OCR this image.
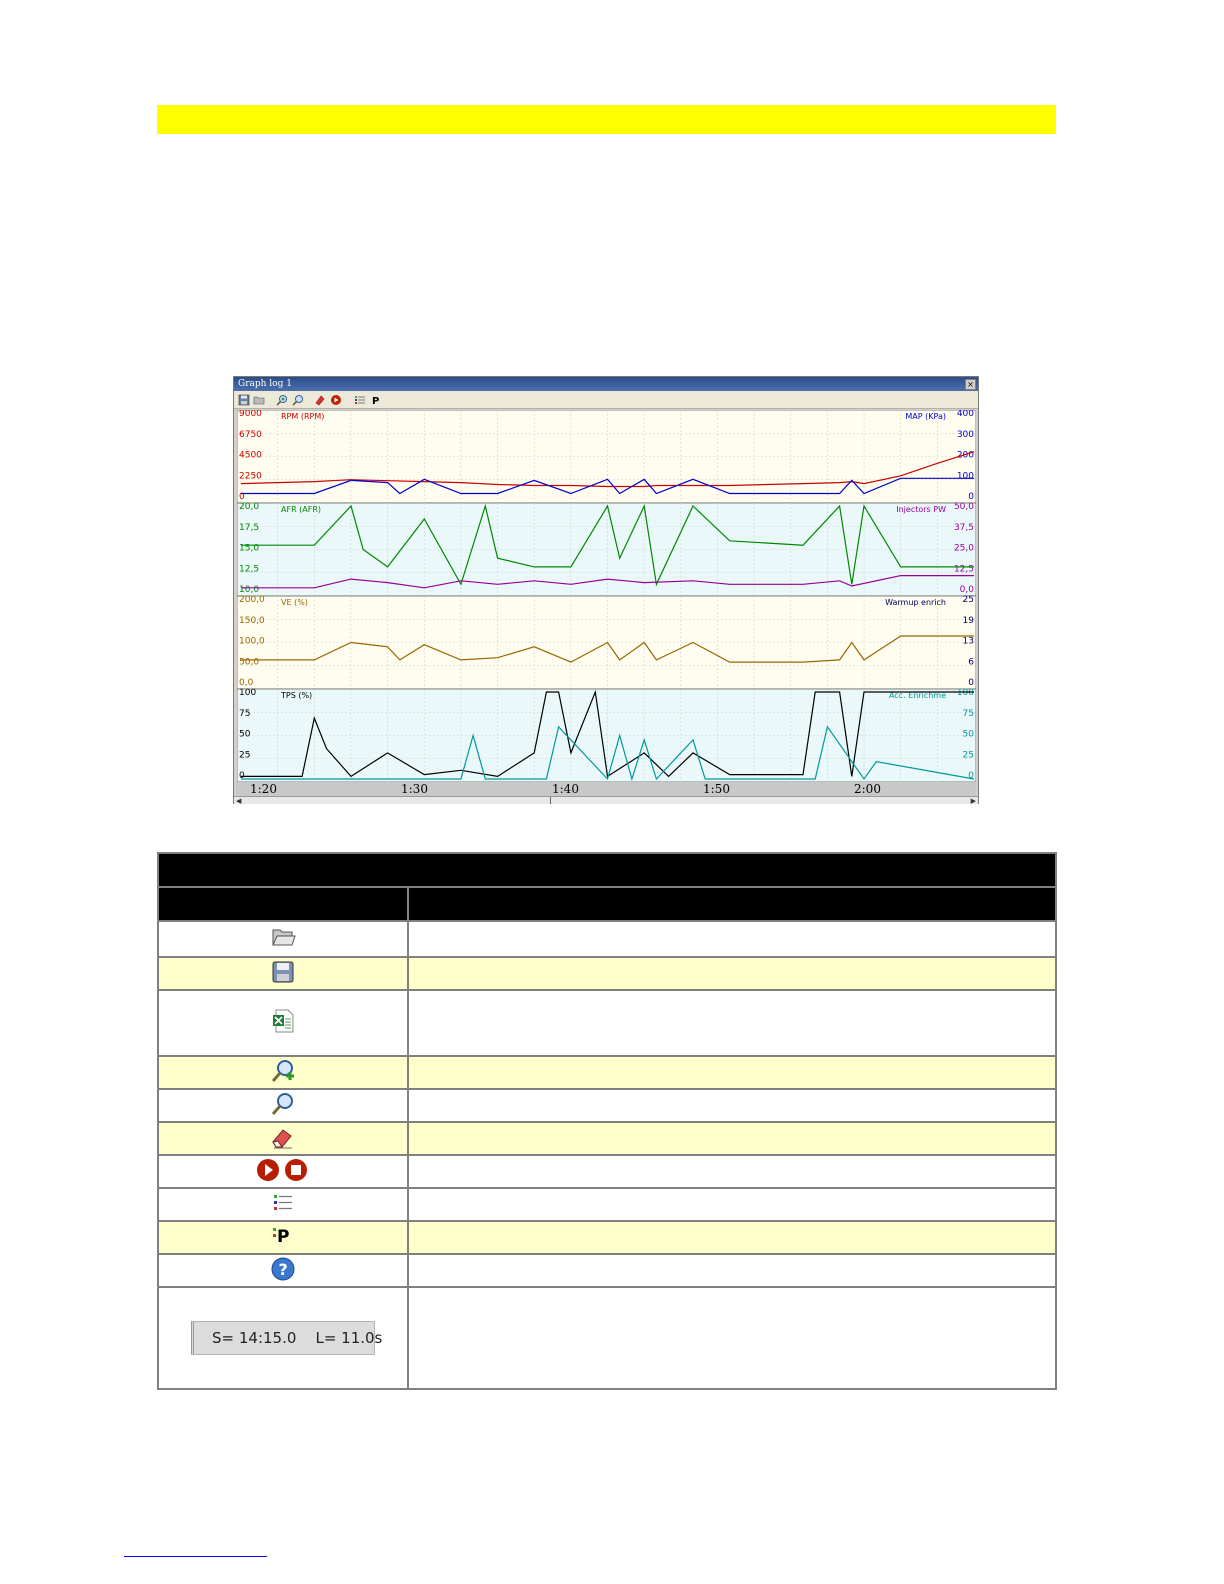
Graph log 1	×
P
9000
6750
4500
2250
0
400
300
200
100
0
RPM (RPM)	MAP (KPa)
20,0
17,5
15,0
12,5
10,0
50,0
37,5
25,0
12,5
0,0
AFR (AFR)	Injectors PW
200,0
150,0
100,0
50,0
0,0
25
19
13
6
0
VE (%)	Warmup enrich
100
75
50
25
0
100
75
50
25
0
TPS (%)	Acc. Enrichme
1:20	1:30	1:40	1:50	2:00
◀	▶

P	

?	

S= 14:15.0    L= 11.0s	
